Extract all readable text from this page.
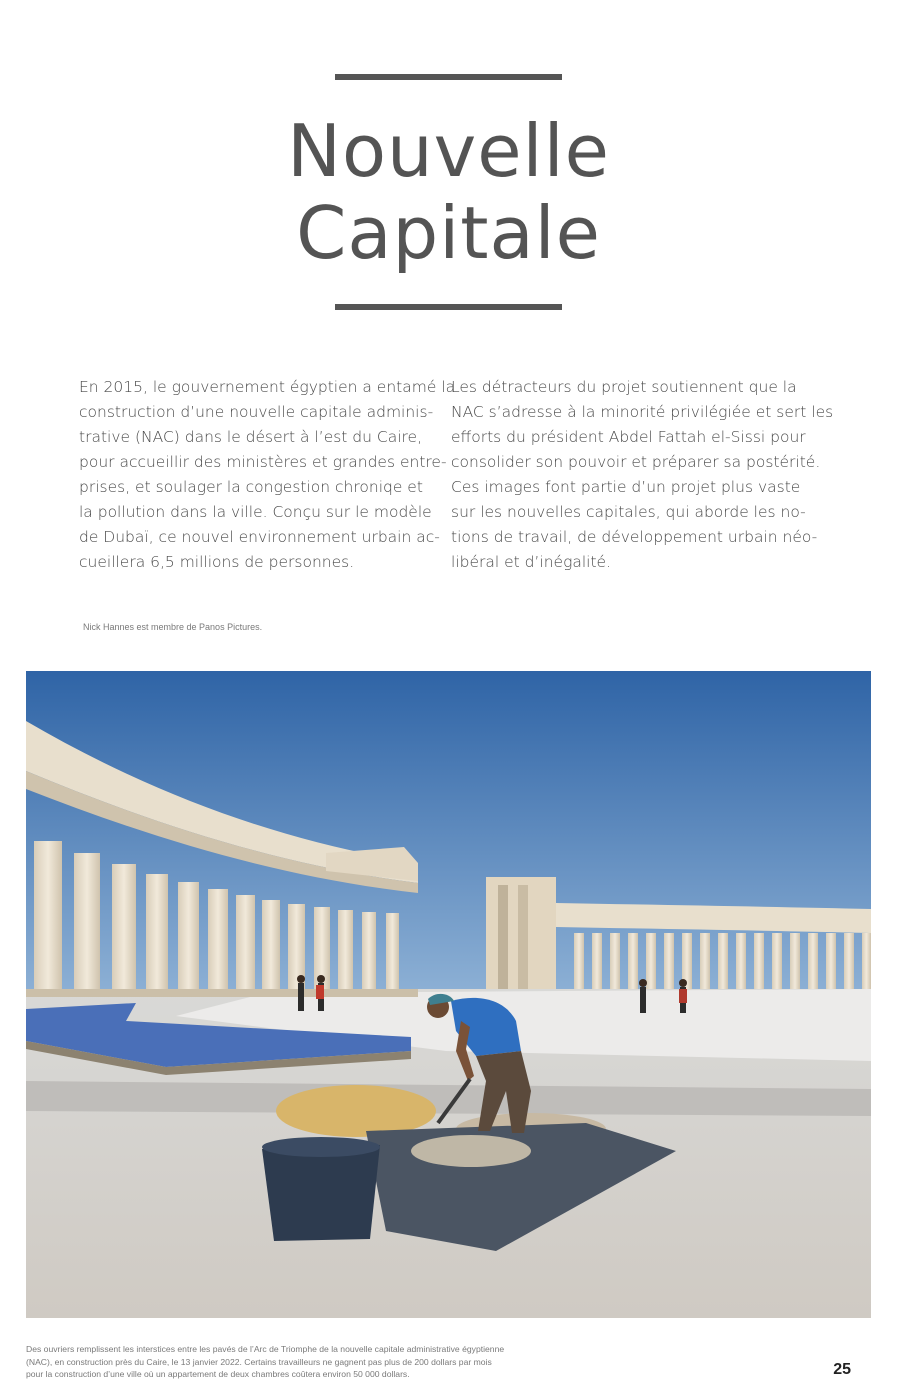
Nouvelle
Capitale
En 2015, le gouvernement égyptien a entamé la
construction d’une nouvelle capitale adminis-
trative (NAC) dans le désert à l’est du Caire,
pour accueillir des ministères et grandes entre-
prises, et soulager la congestion chroniqe et
la pollution dans la ville. Conçu sur le modèle
de Dubaï, ce nouvel environnement urbain ac-
cueillera 6,5 millions de personnes.
Les détracteurs du projet soutiennent que la
NAC s’adresse à la minorité privilégiée et sert les
efforts du président Abdel Fattah el-Sissi pour
consolider son pouvoir et préparer sa postérité.
Ces images font partie d’un projet plus vaste
sur les nouvelles capitales, qui aborde les no-
tions de travail, de développement urbain néo-
libéral et d’inégalité.
Nick Hannes est membre de Panos Pictures.
Des ouvriers remplissent les interstices entre les pavés de l’Arc de Triomphe de la nouvelle capitale administrative égyptienne
(NAC), en construction près du Caire, le 13 janvier 2022. Certains travailleurs ne gagnent pas plus de 200 dollars par mois
pour la construction d’une ville où un appartement de deux chambres coûtera environ 50 000 dollars.	25
